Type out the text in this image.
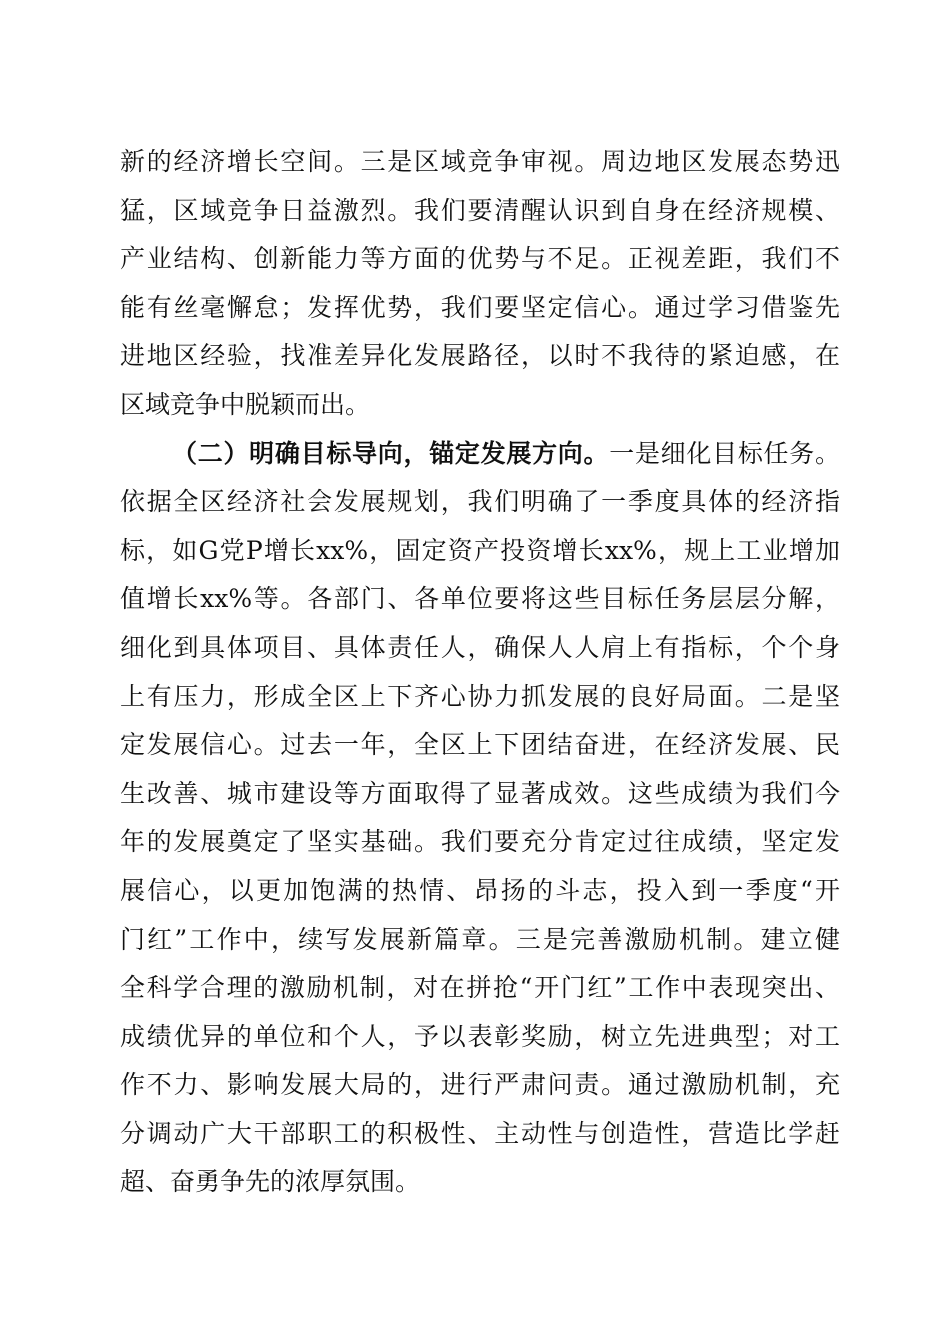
新的经济增长空间。三是区域竞争审视。周边地区发展态势迅
猛，区域竞争日益激烈。我们要清醒认识到自身在经济规模、
产业结构、创新能力等方面的优势与不足。正视差距，我们不
能有丝毫懈怠；发挥优势，我们要坚定信心。通过学习借鉴先
进地区经验，找准差异化发展路径，以时不我待的紧迫感，在
区域竞争中脱颖而出。
（二）明确目标导向，锚定发展方向。一是细化目标任务。
依据全区经济社会发展规划，我们明确了一季度具体的经济指
标，如G党P增长xx%，固定资产投资增长xx%，规上工业增加
值增长xx%等。各部门、各单位要将这些目标任务层层分解，
细化到具体项目、具体责任人，确保人人肩上有指标，个个身
上有压力，形成全区上下齐心协力抓发展的良好局面。二是坚
定发展信心。过去一年，全区上下团结奋进，在经济发展、民
生改善、城市建设等方面取得了显著成效。这些成绩为我们今
年的发展奠定了坚实基础。我们要充分肯定过往成绩，坚定发
展信心，以更加饱满的热情、昂扬的斗志，投入到一季度“开
门红”工作中，续写发展新篇章。三是完善激励机制。建立健
全科学合理的激励机制，对在拼抢“开门红”工作中表现突出、
成绩优异的单位和个人，予以表彰奖励，树立先进典型；对工
作不力、影响发展大局的，进行严肃问责。通过激励机制，充
分调动广大干部职工的积极性、主动性与创造性，营造比学赶
超、奋勇争先的浓厚氛围。
